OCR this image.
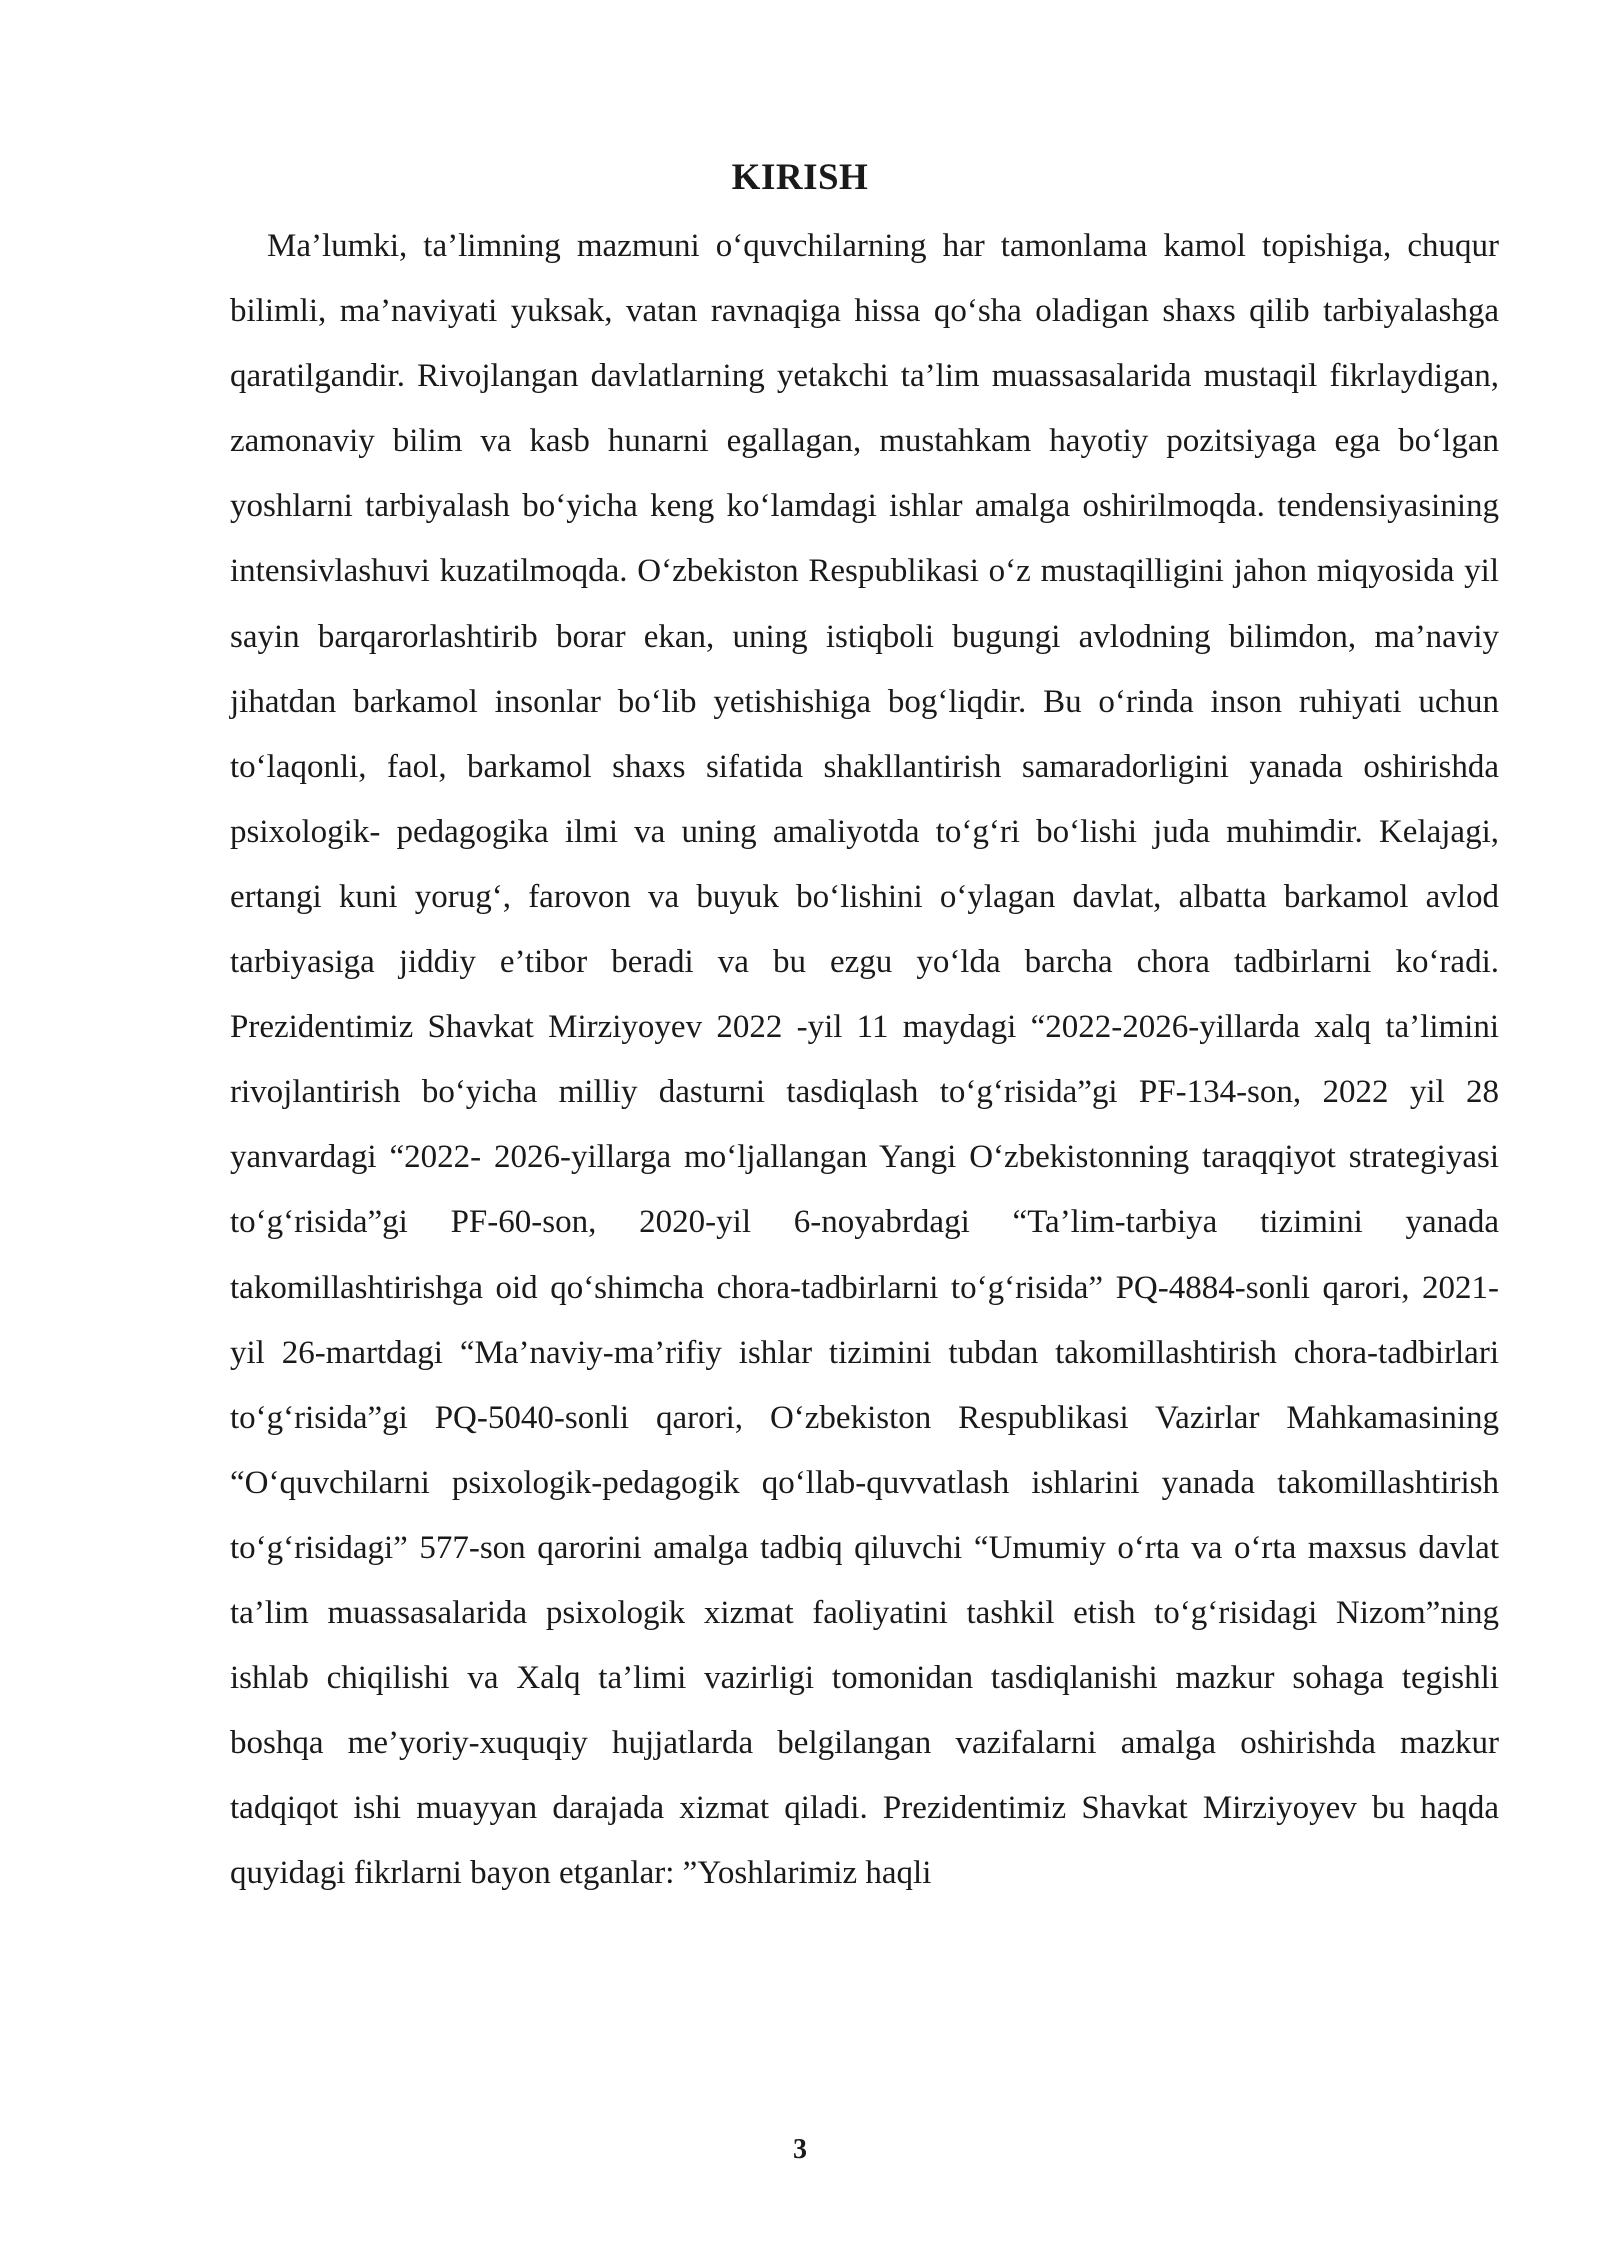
KIRISH

Ma’lumki, ta’limning mazmuni o‘quvchilarning har tamonlama kamol topishiga, chuqur bilimli, ma’naviyati yuksak, vatan ravnaqiga hissa qo‘sha oladigan shaxs qilib tarbiyalashga qaratilgandir. Rivojlangan davlatlarning yetakchi ta’lim muassasalarida mustaqil fikrlaydigan, zamonaviy bilim va kasb hunarni egallagan, mustahkam hayotiy pozitsiyaga ega bo‘lgan yoshlarni tarbiyalash bo‘yicha keng ko‘lamdagi ishlar amalga oshirilmoqda. tendensiyasining intensivlashuvi kuzatilmoqda. O‘zbekiston Respublikasi o‘z mustaqilligini jahon miqyosida yil sayin barqarorlashtirib borar ekan, uning istiqboli bugungi avlodning bilimdon, ma’naviy jihatdan barkamol insonlar bo‘lib yetishishiga bog‘liqdir. Bu o‘rinda inson ruhiyati uchun to‘laqonli, faol, barkamol shaxs sifatida shakllantirish samaradorligini yanada oshirishda psixologik- pedagogika ilmi va uning amaliyotda to‘g‘ri bo‘lishi juda muhimdir. Kelajagi, ertangi kuni yorug‘, farovon va buyuk bo‘lishini o‘ylagan davlat, albatta barkamol avlod tarbiyasiga jiddiy e’tibor beradi va bu ezgu yo‘lda barcha chora tadbirlarni ko‘radi. Prezidentimiz Shavkat Mirziyoyev 2022 -yil 11 maydagi “2022-2026-yillarda xalq ta’limini rivojlantirish bo‘yicha milliy dasturni tasdiqlash to‘g‘risida”gi PF-134-son, 2022 yil 28 yanvardagi “2022- 2026-yillarga mo‘ljallangan Yangi O‘zbekistonning taraqqiyot strategiyasi to‘g‘risida”gi PF-60-son, 2020-yil 6-noyabrdagi “Ta’lim-tarbiya tizimini yanada takomillashtirishga oid qo‘shimcha chora-tadbirlarni to‘g‘risida” PQ-4884-sonli qarori, 2021-yil 26-martdagi “Ma’naviy-ma’rifiy ishlar tizimini tubdan takomillashtirish chora-tadbirlari to‘g‘risida”gi PQ-5040-sonli qarori, O‘zbekiston Respublikasi Vazirlar Mahkamasining “O‘quvchilarni psixologik-pedagogik qo‘llab-quvvatlash ishlarini yanada takomillashtirish to‘g‘risidagi” 577-son qarorini amalga tadbiq qiluvchi “Umumiy o‘rta va o‘rta maxsus davlat ta’lim muassasalarida psixologik xizmat faoliyatini tashkil etish to‘g‘risidagi Nizom”ning ishlab chiqilishi va Xalq ta’limi vazirligi tomonidan tasdiqlanishi mazkur sohaga tegishli boshqa me’yoriy-xuquqiy hujjatlarda belgilangan vazifalarni amalga oshirishda mazkur tadqiqot ishi muayyan darajada xizmat qiladi. Prezidentimiz Shavkat Mirziyoyev bu haqda quyidagi fikrlarni bayon etganlar: ”Yoshlarimiz haqli

3
